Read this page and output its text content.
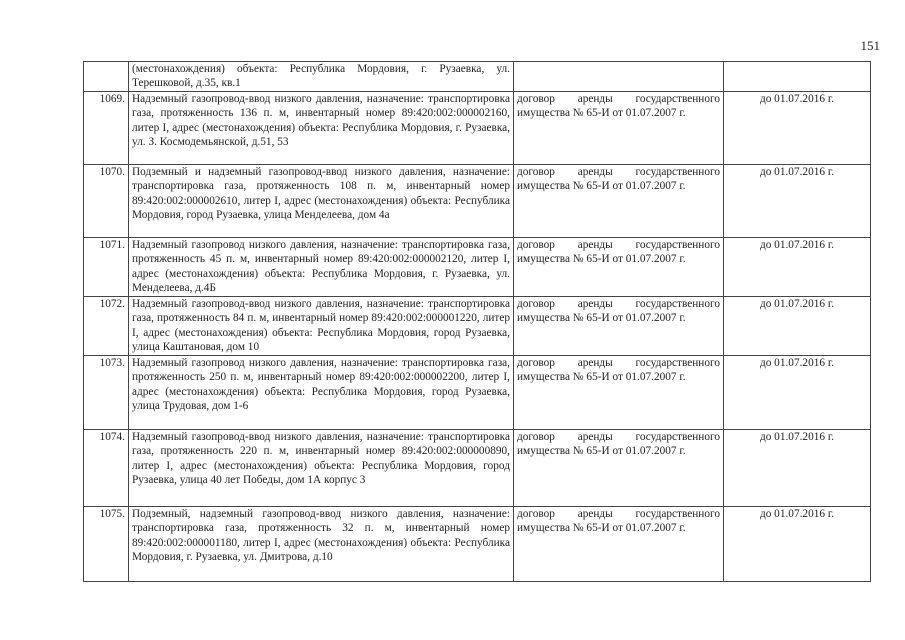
151
	(местонахождения) объекта: Республика Мордовия, г. Рузаевка, ул. Терешковой, д.35, кв.1		
1069.	Надземный газопровод-ввод низкого давления, назначение: транспортировка газа, протяженность 136 п. м, инвентарный номер 89:420:002:000002160, литер I, адрес (местонахождения) объекта: Республика Мордовия, г. Рузаевка, ул. З. Космодемьянской, д.51, 53	договор аренды государственного имущества № 65-И от 01.07.2007 г.	до 01.07.2016 г.
1070.	Подземный и надземный газопровод-ввод низкого давления, назначение: транспортировка газа, протяженность 108 п. м, инвентарный номер 89:420:002:000002610, литер I, адрес (местонахождения) объекта: Республика Мордовия, город Рузаевка, улица Менделеева, дом 4а	договор аренды государственного имущества № 65-И от 01.07.2007 г.	до 01.07.2016 г.
1071.	Надземный газопровод низкого давления, назначение: транспортировка газа, протяженность 45 п. м, инвентарный номер 89:420:002:000002120, литер I, адрес (местонахождения) объекта: Республика Мордовия, г. Рузаевка, ул. Менделеева, д.4Б	договор аренды государственного имущества № 65-И от 01.07.2007 г.	до 01.07.2016 г.
1072.	Надземный газопровод-ввод низкого давления, назначение: транспортировка газа, протяженность 84 п. м, инвентарный номер 89:420:002:000001220, литер I, адрес (местонахождения) объекта: Республика Мордовия, город Рузаевка, улица Каштановая, дом 10	договор аренды государственного имущества № 65-И от 01.07.2007 г.	до 01.07.2016 г.
1073.	Надземный газопровод низкого давления, назначение: транспортировка газа, протяженность 250 п. м, инвентарный номер 89:420:002:000002200, литер I, адрес (местонахождения) объекта: Республика Мордовия, город Рузаевка, улица Трудовая, дом 1-6	договор аренды государственного имущества № 65-И от 01.07.2007 г.	до 01.07.2016 г.
1074.	Надземный газопровод-ввод низкого давления, назначение: транспортировка газа, протяженность 220 п. м, инвентарный номер 89:420:002:000000890, литер I, адрес (местонахождения) объекта: Республика Мордовия, город Рузаевка, улица 40 лет Победы, дом 1А корпус 3	договор аренды государственного имущества № 65-И от 01.07.2007 г.	до 01.07.2016 г.
1075.	Подземный, надземный газопровод-ввод низкого давления, назначение: транспортировка газа, протяженность 32 п. м, инвентарный номер 89:420:002:000001180, литер I, адрес (местонахождения) объекта: Республика Мордовия, г. Рузаевка, ул. Дмитрова, д.10	договор аренды государственного имущества № 65-И от 01.07.2007 г.	до 01.07.2016 г.
